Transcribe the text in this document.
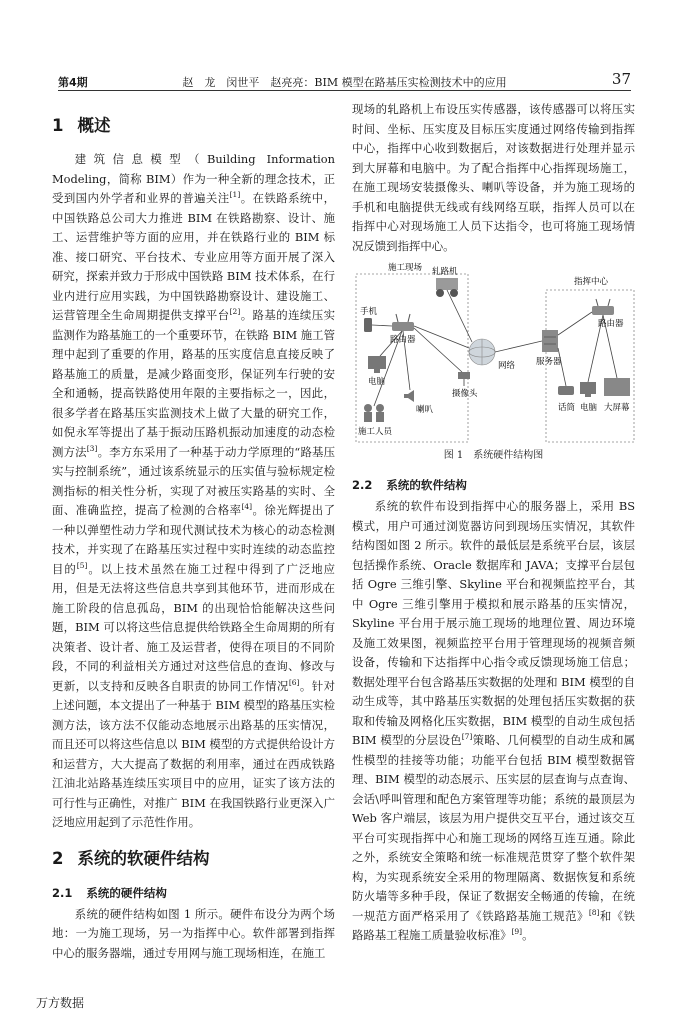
第4期	赵　龙　闵世平　赵亮亮：BIM 模型在路基压实检测技术中的应用	37
1 概述

建筑信息模型（Building Information Modeling，简称 BIM）作为一种全新的理念技术，正受到国内外学者和业界的普遍关注[1]。在铁路系统中，中国铁路总公司大力推进 BIM 在铁路勘察、设计、施工、运营维护等方面的应用，并在铁路行业的 BIM 标准、接口研究、平台技术、专业应用等方面开展了深入研究，探索并致力于形成中国铁路 BIM 技术体系，在行业内进行应用实践，为中国铁路勘察设计、建设施工、运营管理全生命周期提供支撑平台[2]。路基的连续压实监测作为路基施工的一个重要环节，在铁路 BIM 施工管理中起到了重要的作用，路基的压实度信息直接反映了路基施工的质量，是减少路面变形，保证列车行驶的安全和通畅，提高铁路使用年限的主要指标之一，因此，很多学者在路基压实监测技术上做了大量的研究工作，如倪永军等提出了基于振动压路机振动加速度的动态检测方法[3]。李方东采用了一种基于动力学原理的“路基压实与控制系统”，通过该系统显示的压实值与验标规定检测指标的相关性分析，实现了对被压实路基的实时、全面、准确监控，提高了检测的合格率[4]。徐光辉提出了一种以弹塑性动力学和现代测试技术为核心的动态检测技术，并实现了在路基压实过程中实时连续的动态监控目的[5]。以上技术虽然在施工过程中得到了广泛地应用，但是无法将这些信息共享到其他环节，进而形成在施工阶段的信息孤岛，BIM 的出现恰恰能解决这些问题，BIM 可以将这些信息提供给铁路全生命周期的所有决策者、设计者、施工及运营者，使得在项目的不同阶段，不同的利益相关方通过对这些信息的查询、修改与更新，以支持和反映各自职责的协同工作情况[6]。针对上述问题，本文提出了一种基于 BIM 模型的路基压实检测方法，该方法不仅能动态地展示出路基的压实情况，而且还可以将这些信息以 BIM 模型的方式提供给设计方和运营方，大大提高了数据的利用率，通过在西成铁路江油北站路基连续压实项目中的应用，证实了该方法的可行性与正确性，对推广 BIM 在我国铁路行业更深入广泛地应用起到了示范性作用。

2 系统的软硬件结构
2.1 系统的硬件结构

系统的硬件结构如图 1 所示。硬件布设分为两个场地：一为施工现场，另一为指挥中心。软件部署到指挥中心的服务器端，通过专用网与施工现场相连，在施工

现场的轧路机上布设压实传感器，该传感器可以将压实时间、坐标、压实度及目标压实度通过网络传输到指挥中心，指挥中心收到数据后，对该数据进行处理并显示到大屏幕和电脑中。为了配合指挥中心指挥现场施工，在施工现场安装摄像头、喇叭等设备，并为施工现场的手机和电脑提供无线或有线网络互联，指挥人员可以在指挥中心对现场施工人员下达指令，也可将施工现场情况反馈到指挥中心。

施工现场 轧路机
手机
路由器
电脑
喇叭
摄像头
施工人员
网络
指挥中心
路由器
服务器
话筒 电脑 大屏幕
图 1 系统硬件结构图
2.2 系统的软件结构

系统的软件布设到指挥中心的服务器上，采用 BS 模式，用户可通过浏览器访问到现场压实情况，其软件结构图如图 2 所示。软件的最低层是系统平台层，该层包括操作系统、Oracle 数据库和 JAVA；支撑平台层包括 Ogre 三维引擎、Skyline 平台和视频监控平台，其中 Ogre 三维引擎用于模拟和展示路基的压实情况，Skyline 平台用于展示施工现场的地理位置、周边环境及施工效果图，视频监控平台用于管理现场的视频音频设备，传输和下达指挥中心指令或反馈现场施工信息；数据处理平台包含路基压实数据的处理和 BIM 模型的自动生成等，其中路基压实数据的处理包括压实数据的获取和传输及网格化压实数据，BIM 模型的自动生成包括 BIM 模型的分层设色[7]策略、几何模型的自动生成和属性模型的挂接等功能；功能平台包括 BIM 模型数据管理、BIM 模型的动态展示、压实层的层查询与点查询、会话\呼叫管理和配色方案管理等功能；系统的最顶层为 Web 客户端层，该层为用户提供交互平台，通过该交互平台可实现指挥中心和施工现场的网络互连互通。除此之外，系统安全策略和统一标准规范贯穿了整个软件架构，为实现系统安全采用的物理隔离、数据恢复和系统防火墙等多种手段，保证了数据安全畅通的传输，在统一规范方面严格采用了《铁路路基施工规范》[8]和《铁路路基工程施工质量验收标准》[9]。

万方数据
